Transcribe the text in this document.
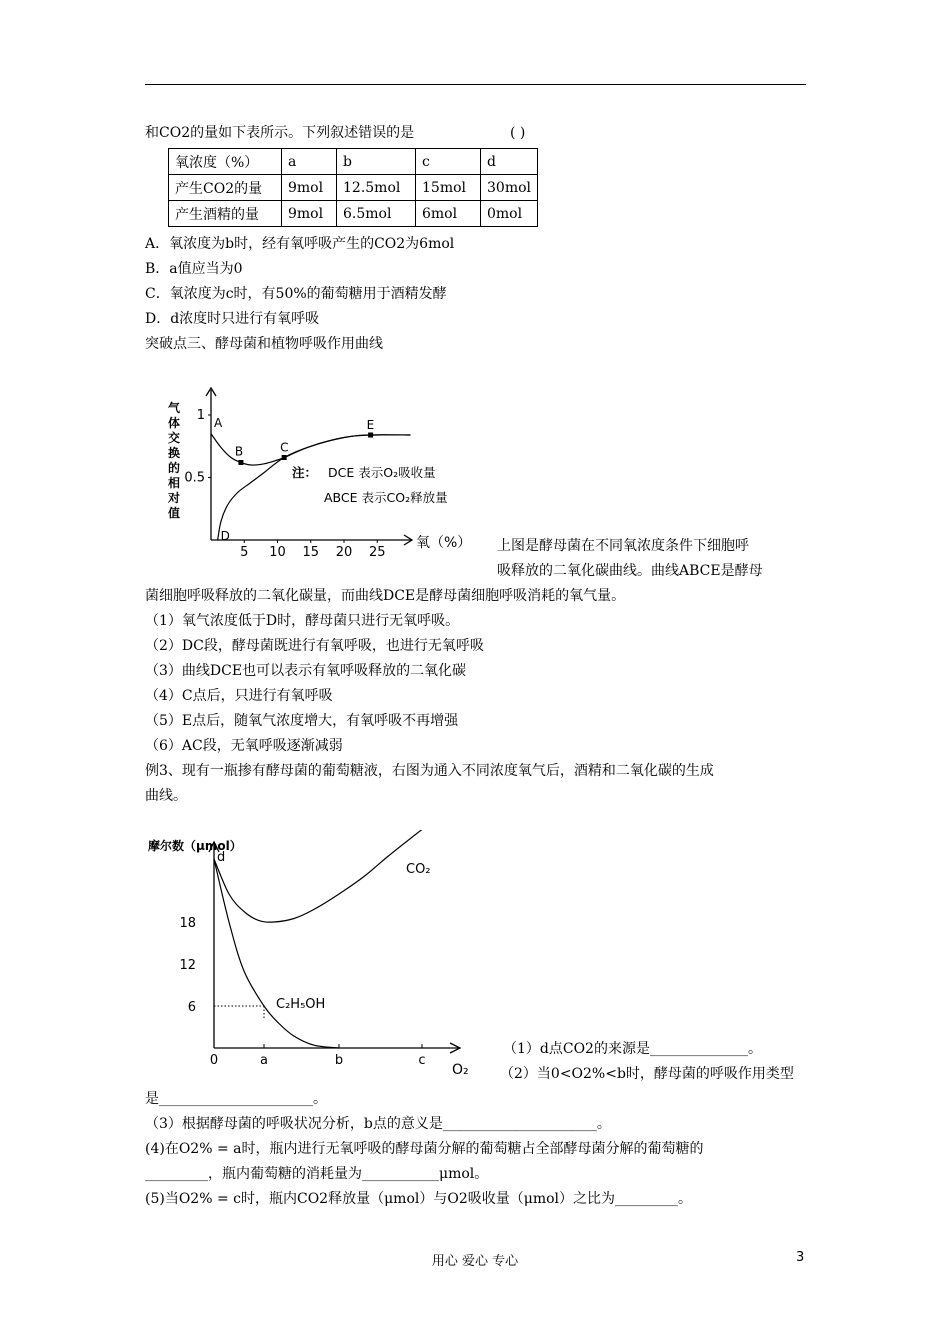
和CO2的量如下表所示。下列叙述错误的是	( )
氧浓度（%）	a	b	c	d
产生CO2的量	9mol	12.5mol	15mol	30mol
产生酒精的量	9mol	6.5mol	6mol	0mol
A．氧浓度为b时，经有氧呼吸产生的CO2为6mol
B．a值应当为0
C．氧浓度为c时，有50%的葡萄糖用于酒精发酵
D．d浓度时只进行有氧呼吸
突破点三、酵母菌和植物呼吸作用曲线
气
体
交
换
的
相
对
值
5 10 15 20 25
0.5
1 A
B	C
D
E
注： DCE 表示O₂吸收量
ABCE 表示CO₂释放量
氧（%） 上图是酵母菌在不同氧浓度条件下细胞呼
吸释放的二氧化碳曲线。曲线ABCE是酵母
菌细胞呼吸释放的二氧化碳量，而曲线DCE是酵母菌细胞呼吸消耗的氧气量。
（1）氧气浓度低于D时，酵母菌只进行无氧呼吸。
（2）DC段，酵母菌既进行有氧呼吸，也进行无氧呼吸
（3）曲线DCE也可以表示有氧呼吸释放的二氧化碳
（4）C点后，只进行有氧呼吸
（5）E点后，随氧气浓度增大，有氧呼吸不再增强
（6）AC段，无氧呼吸逐渐减弱
例3、现有一瓶掺有酵母菌的葡萄糖液，右图为通入不同浓度氧气后，酒精和二氧化碳的生成
曲线。
摩尔数（μmol）
0	a	b	c
6
12
18
d
CO₂
C₂H₅OH
O₂
（1）d点CO2的来源是______________。
（2）当0<O2%<b时，酵母菌的呼吸作用类型
是______________________。
（3）根据酵母菌的呼吸状况分析，b点的意义是______________________。
(4)在O2% = a时，瓶内进行无氧呼吸的酵母菌分解的葡萄糖占全部酵母菌分解的葡萄糖的
_________，瓶内葡萄糖的消耗量为___________μmol。
(5)当O2% = c时，瓶内CO2释放量（μmol）与O2吸收量（μmol）之比为_________。
用心 爱心 专心	3
